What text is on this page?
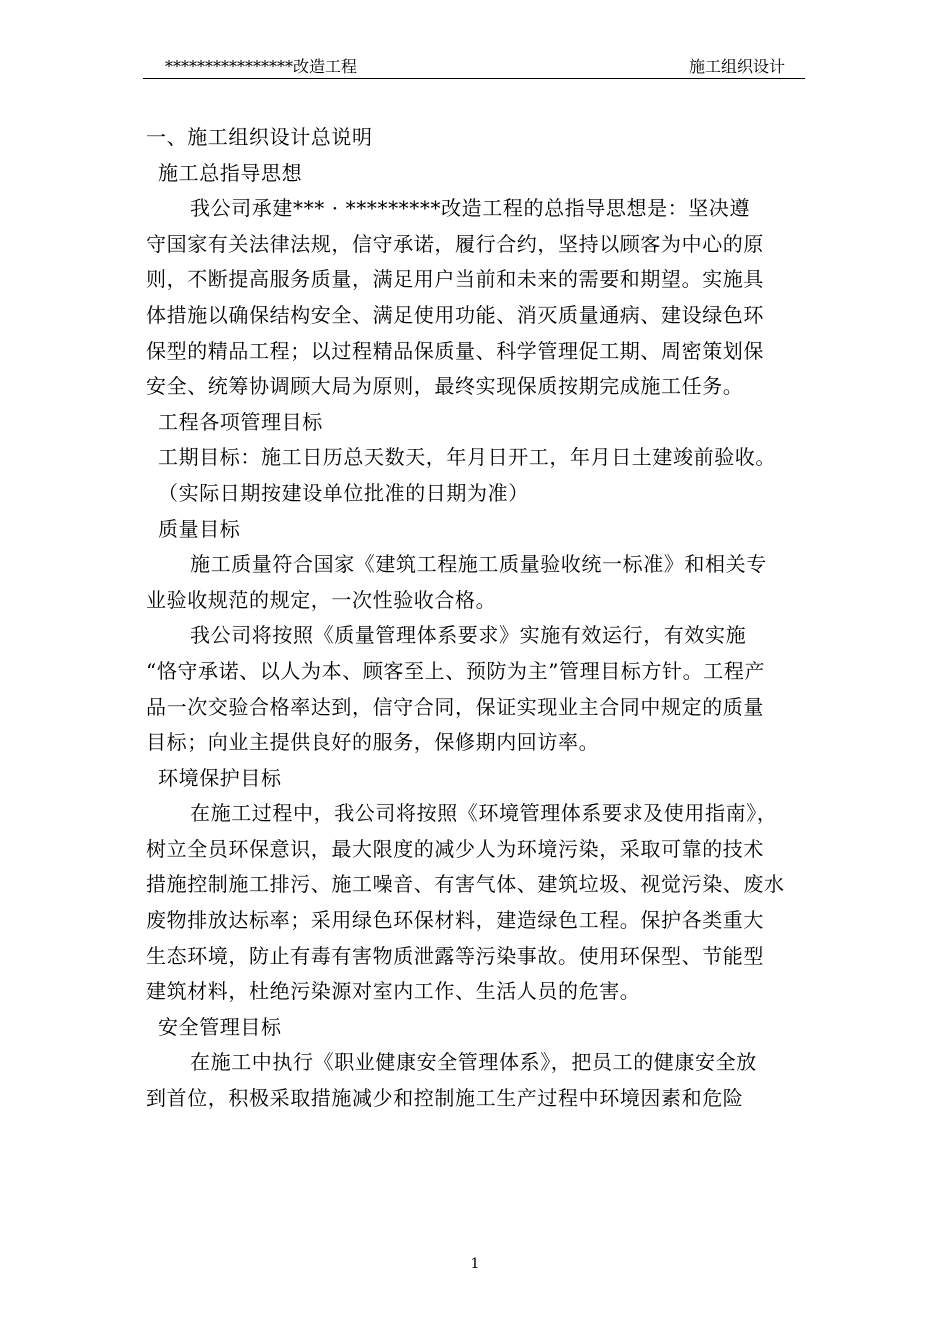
****************改造工程	施工组织设计
一、施工组织设计总说明
施工总指导思想
我公司承建*** · *********改造工程的总指导思想是：坚决遵
守国家有关法律法规，信守承诺，履行合约，坚持以顾客为中心的原
则，不断提高服务质量，满足用户当前和未来的需要和期望。实施具
体措施以确保结构安全、满足使用功能、消灭质量通病、建设绿色环
保型的精品工程；以过程精品保质量、科学管理促工期、周密策划保
安全、统筹协调顾大局为原则，最终实现保质按期完成施工任务。
工程各项管理目标
工期目标：施工日历总天数天，年月日开工，年月日土建竣前验收。
（实际日期按建设单位批准的日期为准）
质量目标
施工质量符合国家《建筑工程施工质量验收统一标准》和相关专
业验收规范的规定，一次性验收合格。
我公司将按照《质量管理体系要求》实施有效运行，有效实施
“恪守承诺、以人为本、顾客至上、预防为主”管理目标方针。工程产
品一次交验合格率达到，信守合同，保证实现业主合同中规定的质量
目标；向业主提供良好的服务，保修期内回访率。
环境保护目标
在施工过程中，我公司将按照《环境管理体系要求及使用指南》，
树立全员环保意识，最大限度的减少人为环境污染，采取可靠的技术
措施控制施工排污、施工噪音、有害气体、建筑垃圾、视觉污染、废水
废物排放达标率；采用绿色环保材料，建造绿色工程。保护各类重大
生态环境，防止有毒有害物质泄露等污染事故。使用环保型、节能型
建筑材料，杜绝污染源对室内工作、生活人员的危害。
安全管理目标
在施工中执行《职业健康安全管理体系》，把员工的健康安全放
到首位，积极采取措施减少和控制施工生产过程中环境因素和危险
1
